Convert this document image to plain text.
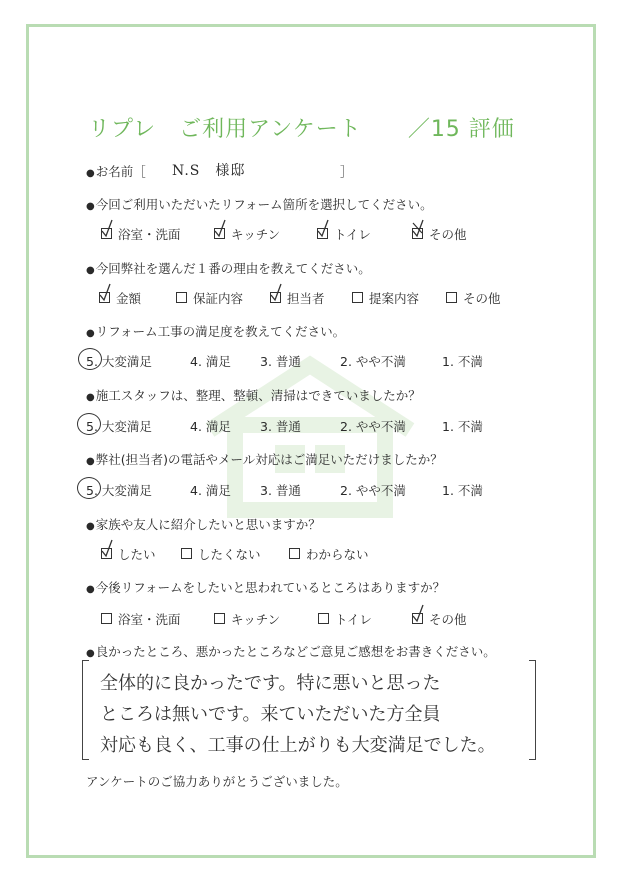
リプレ　ご利用アンケート ／15 評価
● お名前［ N.S　様邸	］
● 今回ご利用いただいたリフォーム箇所を選択してください。
浴室・洗面	キッチン	トイレ	その他
● 今回弊社を選んだ１番の理由を教えてください。
金額	保証内容	担当者	提案内容	その他
● リフォーム工事の満足度を教えてください。
5. 大変満足	4. 満足 3. 普通	2. やや不満	1. 不満
● 施工スタッフは、整理、整頓、清掃はできていましたか？
5. 大変満足	4. 満足 3. 普通	2. やや不満	1. 不満
● 弊社(担当者)の電話やメール対応はご満足いただけましたか？
5. 大変満足	4. 満足 3. 普通	2. やや不満	1. 不満
● 家族や友人に紹介したいと思いますか？
したい	したくない	わからない
● 今後リフォームをしたいと思われているところはありますか？
浴室・洗面	キッチン	トイレ	その他
● 良かったところ、悪かったところなどご意見ご感想をお書きください。
全体的に良かったです。特に悪いと思った
ところは無いです。来ていただいた方全員
対応も良く、工事の仕上がりも大変満足でした。
アンケートのご協力ありがとうございました。
